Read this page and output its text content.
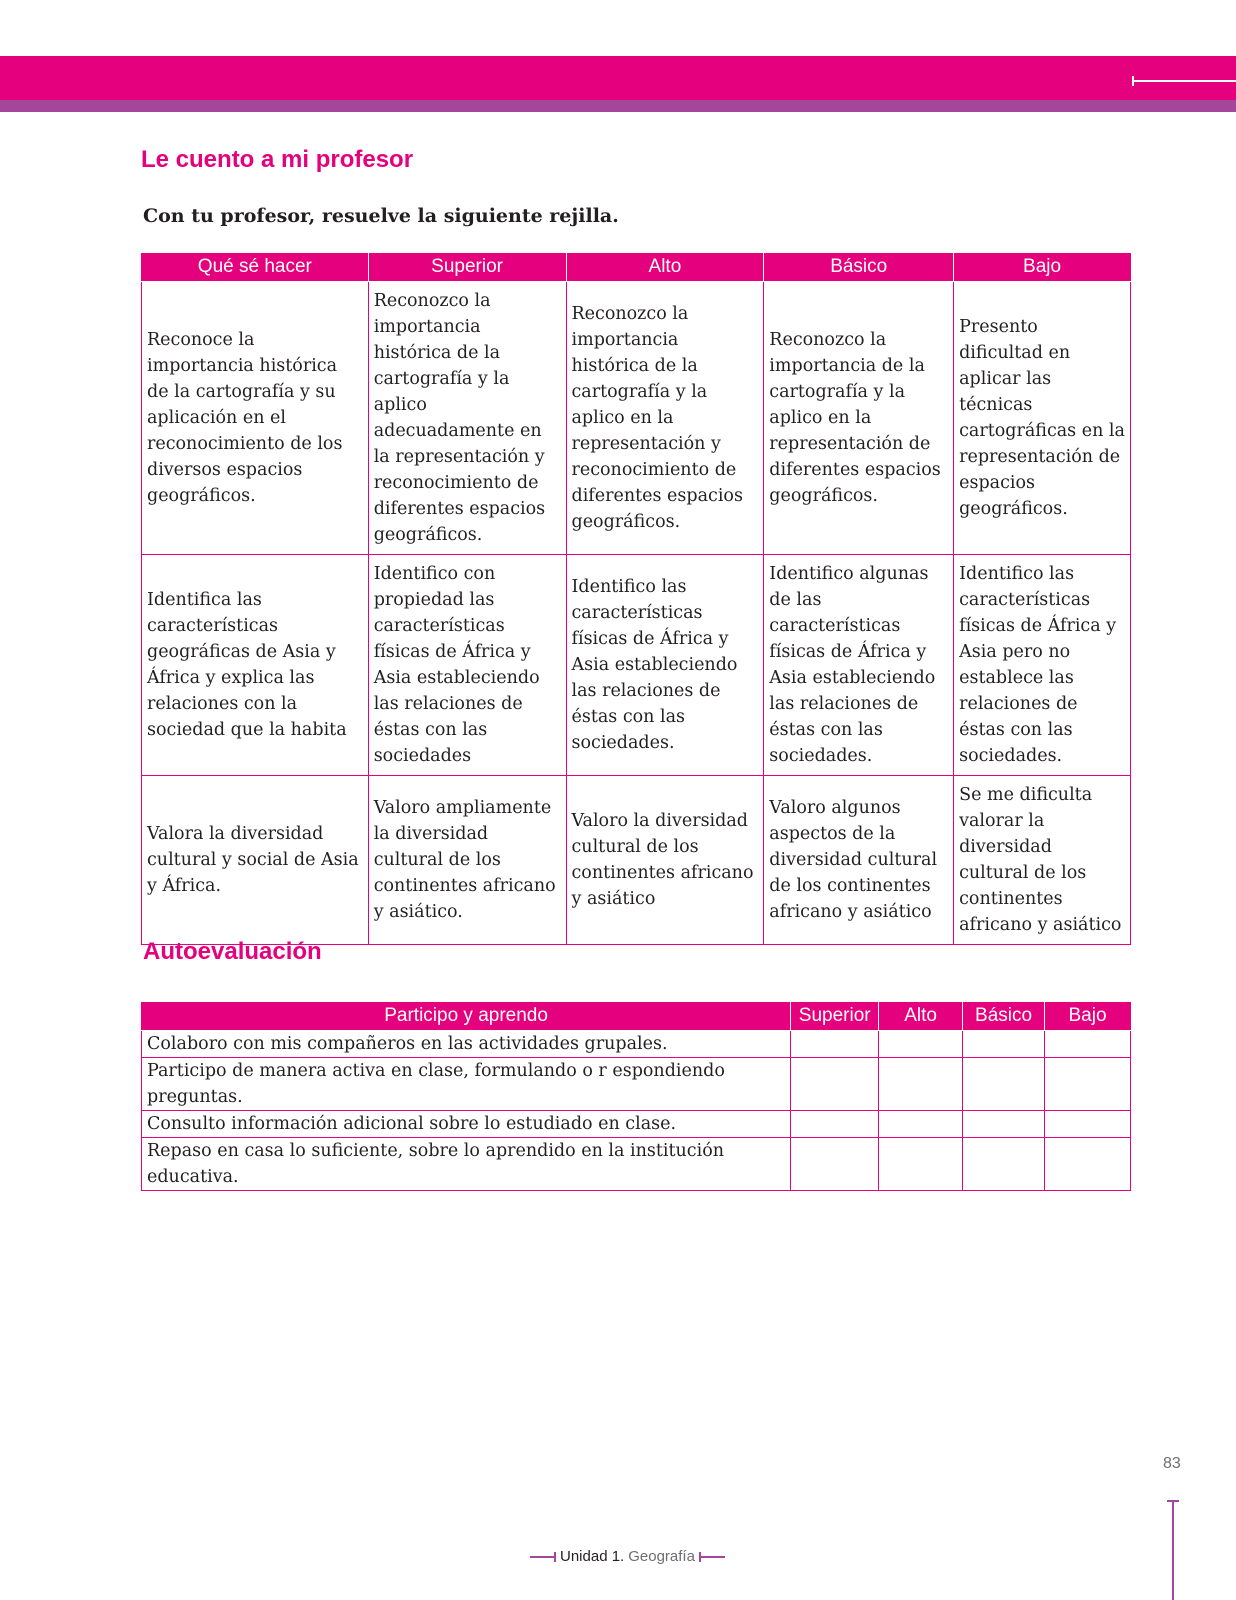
Le cuento a mi profesor

Con tu profesor, resuelve la siguiente rejilla.

Qué sé hacer	Superior	Alto	Básico	Bajo
Reconoce la importancia histórica de la cartografía y su aplicación en el reconocimiento de los diversos espacios geográficos.	Reconozco la importancia histórica de la cartografía y la aplico adecuadamente en la representación y reconocimiento de diferentes espacios geográficos.	Reconozco la importancia histórica de la cartografía y la aplico en la representación y reconocimiento de diferentes espacios geográficos.	Reconozco la importancia de la cartografía y la aplico en la representación de diferentes espacios geográficos.	Presento dificultad en aplicar las técnicas cartográficas en la representación de espacios geográficos.
Identifica las características geográficas de Asia y África y explica las relaciones con la sociedad que la habita	Identifico con propiedad las características físicas de África y Asia estableciendo las relaciones de éstas con las sociedades	Identifico las características físicas de África y Asia estableciendo las relaciones de éstas con las sociedades.	Identifico algunas de las características físicas de África y Asia estableciendo las relaciones de éstas con las sociedades.	Identifico las características físicas de África y Asia pero no establece las relaciones de éstas con las sociedades.
Valora la diversidad cultural y social de Asia y África.	Valoro ampliamente la diversidad cultural de los continentes africano y asiático.	Valoro la diversidad cultural de los continentes africano y asiático	Valoro algunos aspectos de la diversidad cultural de los continentes africano y asiático	Se me dificulta valorar la diversidad cultural de los continentes africano y asiático
Autoevaluación
Participo y aprendo	Superior	Alto	Básico	Bajo
Colaboro con mis compañeros en las actividades grupales.				
Participo de manera activa en clase, formulando o r espondiendo preguntas.				
Consulto información adicional sobre lo estudiado en clase.				
Repaso en casa lo suficiente, sobre lo aprendido en la institución educativa.				
83
Unidad 1. Geografía
